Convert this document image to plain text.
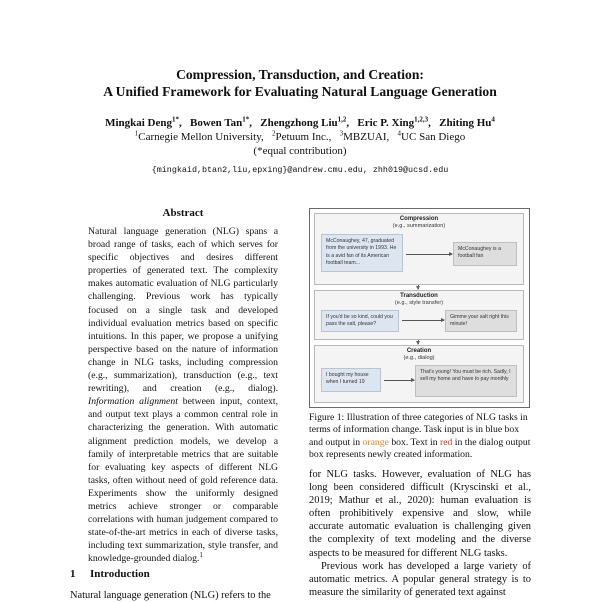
Compression, Transduction, and Creation:
A Unified Framework for Evaluating Natural Language Generation
Mingkai Deng$^{1*}$,   Bowen Tan$^{1*}$,   Zhengzhong Liu$^{1,2}$,   Eric P. Xing$^{1,2,3}$,   Zhiting Hu$^4$
$^1$Carnegie Mellon University, $^2$Petuum Inc., $^3$MBZUAI, $^4$UC San Diego
(*equal contribution)
{mingkaid,btan2,liu,epxing}@andrew.cmu.edu, zhh019@ucsd.edu
Abstract
Natural language generation (NLG) spans a broad range of tasks, each of which serves for specific objectives and desires different properties of generated text. The complexity makes automatic evaluation of NLG particularly challenging. Previous work has typically focused on a single task and developed individual evaluation metrics based on specific intuitions. In this paper, we propose a unifying perspective based on the nature of information change in NLG tasks, including compression (e.g., summarization), transduction (e.g., text rewriting), and creation (e.g., dialog). Information alignment between input, context, and output text plays a common central role in characterizing the generation. With automatic alignment prediction models, we develop a family of interpretable metrics that are suitable for evaluating key aspects of different NLG tasks, often without need of gold reference data. Experiments show the uniformly designed metrics achieve stronger or comparable correlations with human judgement compared to state-of-the-art metrics in each of diverse tasks, including text summarization, style transfer, and knowledge-grounded dialog.$^1$
1 Introduction
Natural language generation (NLG) refers to the
Compression
(e.g., summarization)
McConaughey, 47, graduated from the university in 1993. He is a avid fan of its American football team...
McConaughey is a football fan
Transduction
(e.g., style transfer)
If you'd be so kind, could you pass the salt, please?
Gimme your salt right this minute!
Creation
(e.g., dialog)
I bought my house when I turned 19
That's young! You must be rich. Sadly, I sell my home and have to pay monthly
Figure 1: Illustration of three categories of NLG tasks in terms of information change. Task input is in blue box and output in orange box. Text in red in the dialog output box represents newly created information.

for NLG tasks. However, evaluation of NLG has long been considered difficult (Kryscinski et al., 2019; Mathur et al., 2020): human evaluation is often prohibitively expensive and slow, while accurate automatic evaluation is challenging given the complexity of text modeling and the diverse aspects to be measured for different NLG tasks.

Previous work has developed a large variety of automatic metrics. A popular general strategy is to measure the similarity of generated text against
